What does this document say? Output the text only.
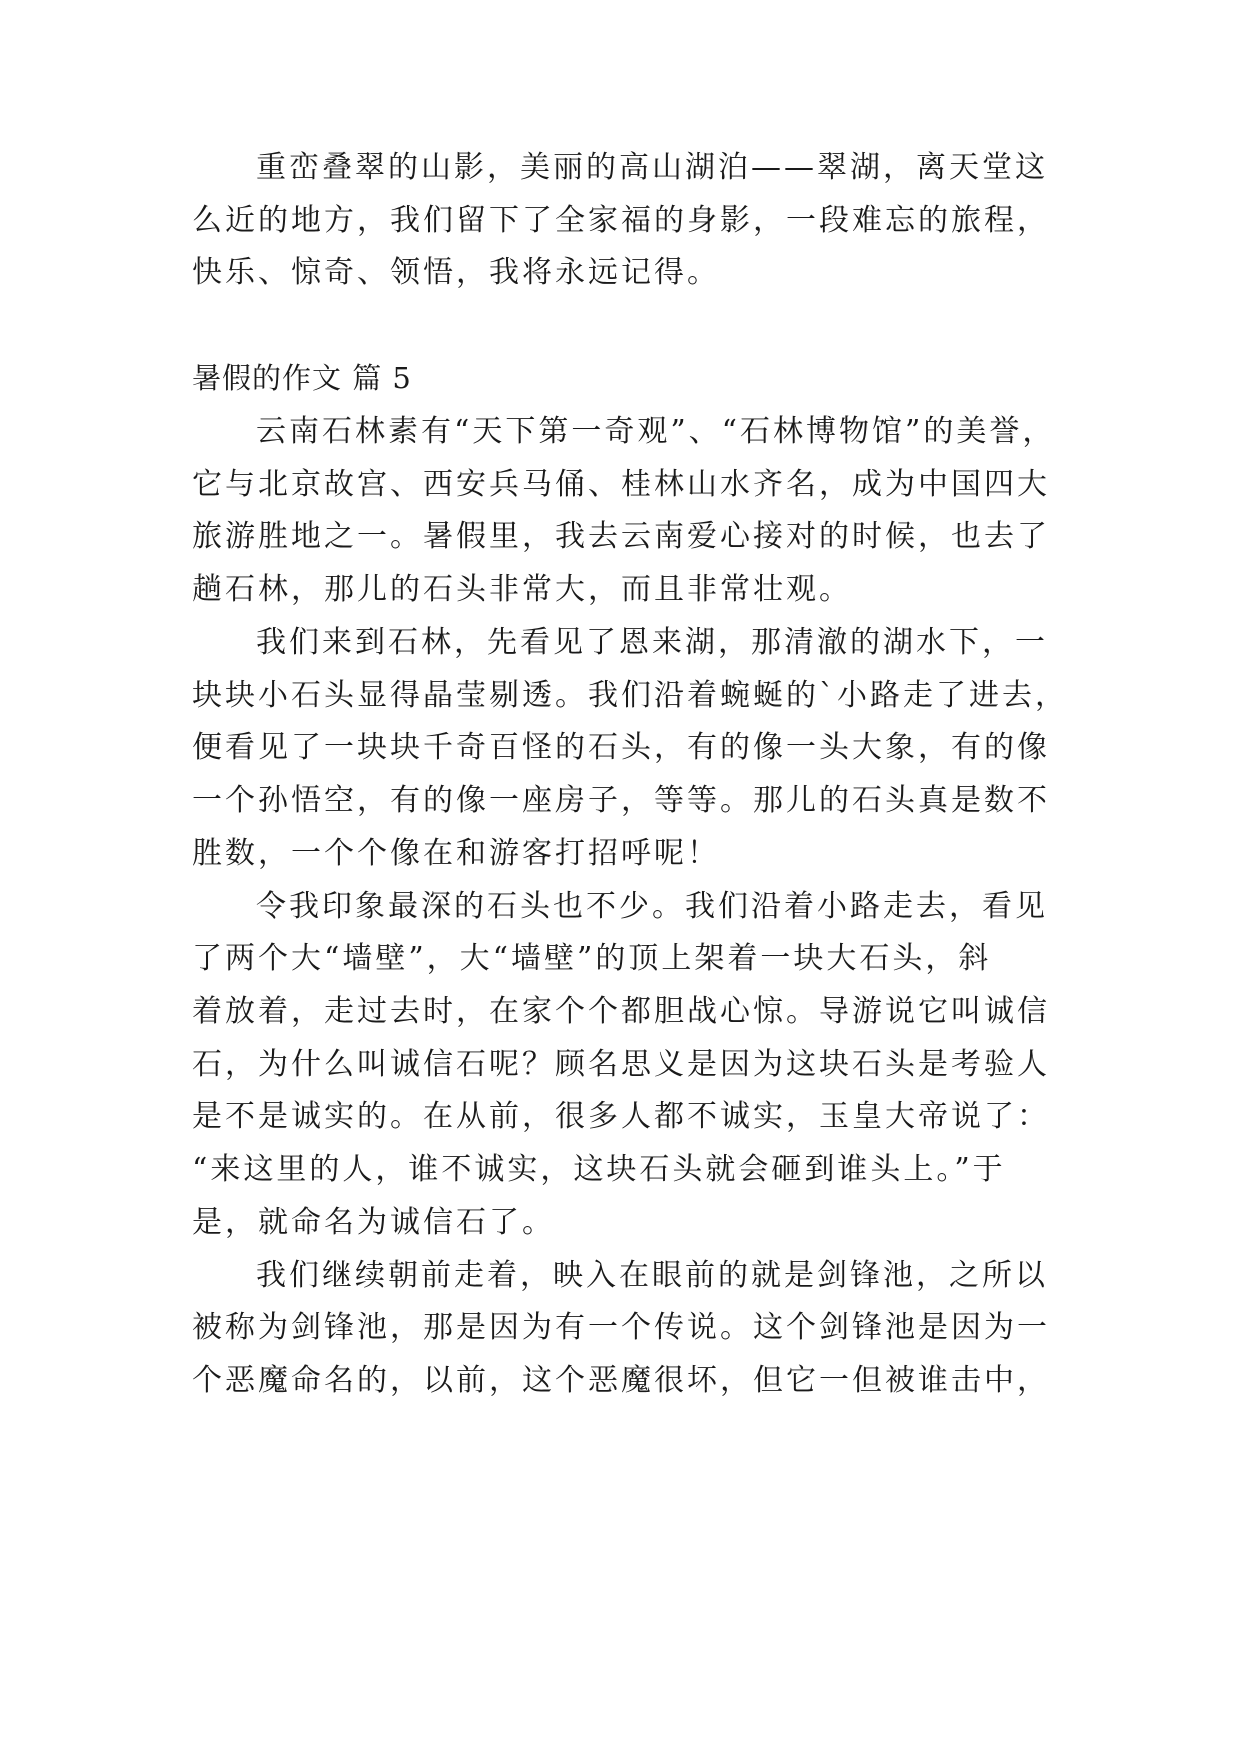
重峦叠翠的山影，美丽的高山湖泊——翠湖，离天堂这
么近的地方，我们留下了全家福的身影，一段难忘的旅程，
快乐、惊奇、领悟，我将永远记得。
暑假的作文 篇 5
云南石林素有“天下第一奇观”、“石林博物馆”的美誉，
它与北京故宫、西安兵马俑、桂林山水齐名，成为中国四大
旅游胜地之一。暑假里，我去云南爱心接对的时候，也去了
趟石林，那儿的石头非常大，而且非常壮观。
我们来到石林，先看见了恩来湖，那清澈的湖水下，一
块块小石头显得晶莹剔透。我们沿着蜿蜒的`小路走了进去，
便看见了一块块千奇百怪的石头，有的像一头大象，有的像
一个孙悟空，有的像一座房子，等等。那儿的石头真是数不
胜数，一个个像在和游客打招呼呢！
令我印象最深的石头也不少。我们沿着小路走去，看见
了两个大“墙壁”，大“墙壁”的顶上架着一块大石头，斜
着放着，走过去时，在家个个都胆战心惊。导游说它叫诚信
石，为什么叫诚信石呢？顾名思义是因为这块石头是考验人
是不是诚实的。在从前，很多人都不诚实，玉皇大帝说了：
“来这里的人，谁不诚实，这块石头就会砸到谁头上。”于
是，就命名为诚信石了。
我们继续朝前走着，映入在眼前的就是剑锋池，之所以
被称为剑锋池，那是因为有一个传说。这个剑锋池是因为一
个恶魔命名的，以前，这个恶魔很坏，但它一但被谁击中，
